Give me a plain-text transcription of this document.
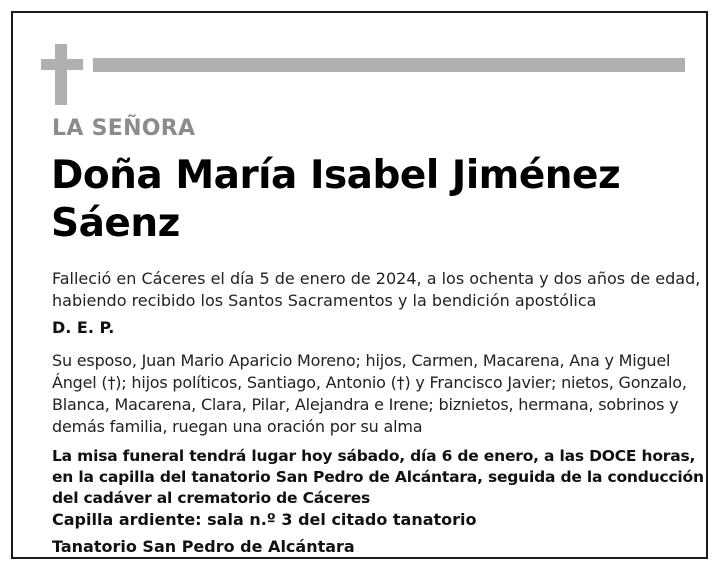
LA SEÑORA

Doña María Isabel Jiménez Sáenz

Falleció en Cáceres el día 5 de enero de 2024, a los ochenta y dos años de edad, habiendo recibido los Santos Sacramentos y la bendición apostólica

D. E. P.

Su esposo, Juan Mario Aparicio Moreno; hijos, Carmen, Macarena, Ana y Miguel Ángel (†); hijos políticos, Santiago, Antonio (†) y Francisco Javier; nietos, Gonzalo, Blanca, Macarena, Clara, Pilar, Alejandra e Irene; biznietos, hermana, sobrinos y demás familia, ruegan una oración por su alma

La misa funeral tendrá lugar hoy sábado, día 6 de enero, a las DOCE horas, en la capilla del tanatorio San Pedro de Alcántara, seguida de la conducción del cadáver al crematorio de Cáceres

Capilla ardiente: sala n.º 3 del citado tanatorio

Tanatorio San Pedro de Alcántara
